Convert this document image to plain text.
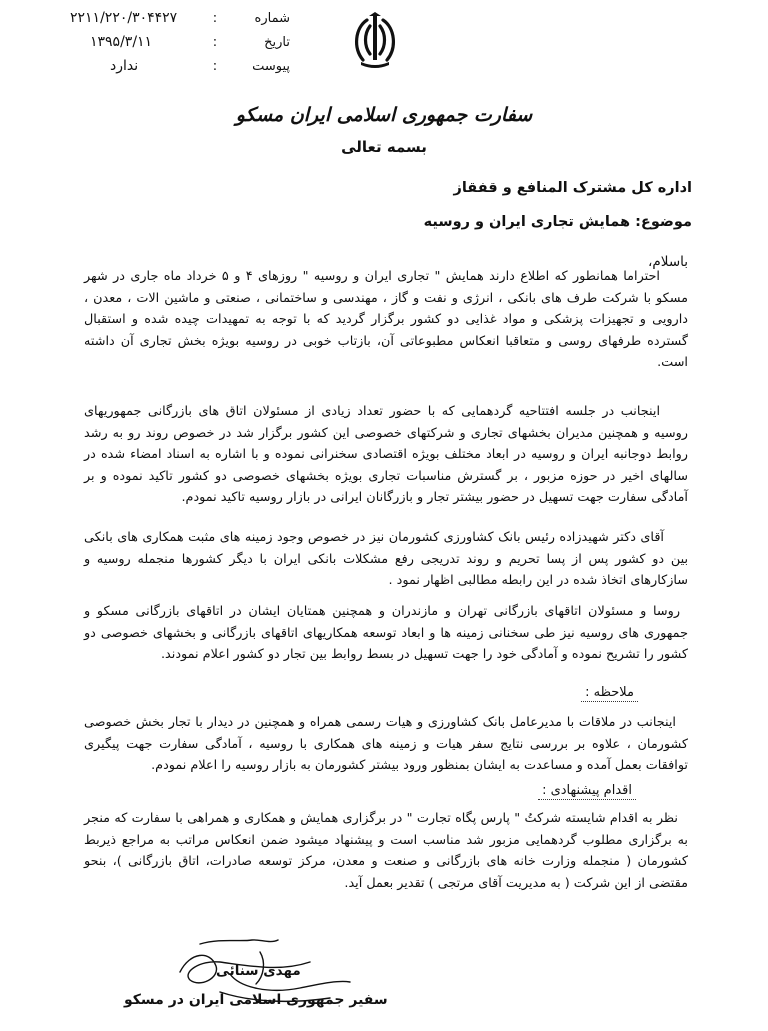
شماره
:
۲۲۱۱/۲۲۰/۳۰۴۴۲۷
تاریخ
:
۱۳۹۵/۳/۱۱
پیوست
:
ندارد
سفارت جمهوری اسلامی ایران مسکو
بسمه تعالی
اداره کل مشترک المنافع و قفقاز
موضوع: همایش تجاری ایران و روسیه
باسلام،

احتراما همانطور که اطلاع دارند همایش " تجاری ایران و روسیه " روزهای ۴ و ۵ خرداد ماه جاری در شهر مسکو با شرکت طرف های بانکی ، انرژی و نفت و گاز ، مهندسی و ساختمانی ، صنعتی و ماشین الات ، معدن ، دارویی و تجهیزات پزشکی و مواد غذایی دو کشور برگزار گردید که با توجه به تمهیدات چیده شده و استقبال گسترده طرفهای روسی و متعاقبا انعکاس مطبوعاتی آن، بازتاب خوبی در روسیه بویژه بخش تجاری آن داشته است.

اینجانب در جلسه افتتاحیه گردهمایی که با حضور تعداد زیادی از مسئولان اتاق های بازرگانی جمهوریهای روسیه و همچنین مدیران بخشهای تجاری و شرکتهای خصوصی این کشور برگزار شد در خصوص روند رو به رشد روابط دوجانبه ایران و روسیه در ابعاد مختلف بویژه اقتصادی سخنرانی نموده و با اشاره به اسناد امضاء شده در سالهای اخیر در حوزه مزبور ، بر گسترش مناسبات تجاری بویژه بخشهای خصوصی دو کشور تاکید نموده و بر آمادگی سفارت جهت تسهیل در حضور بیشتر تجار و بازرگانان ایرانی در بازار روسیه تاکید نمودم.

آقای دکتر شهیدزاده رئیس بانک کشاورزی کشورمان نیز در خصوص وجود زمینه های مثبت همکاری های بانکی بین دو کشور پس از پسا تحریم و روند تدریجی رفع مشکلات بانکی ایران با دیگر کشورها منجمله روسیه و سازکارهای اتخاذ شده در این رابطه مطالبی اظهار نمود .

روسا و مسئولان اتاقهای بازرگانی تهران و مازندران و همچنین همتایان ایشان در اتاقهای بازرگانی مسکو و جمهوری های روسیه نیز طی سخنانی زمینه ها و ابعاد توسعه همکاریهای اتاقهای بازرگانی و بخشهای خصوصی دو کشور را تشریح نموده و آمادگی خود را جهت تسهیل در بسط روابط بین تجار دو کشور اعلام نمودند.

ملاحظه :

اینجانب در ملاقات با مدیرعامل بانک کشاورزی و هیات رسمی همراه و همچنین در دیدار با تجار بخش خصوصی کشورمان ، علاوه بر بررسی نتایج سفر هیات و زمینه های همکاری با روسیه ، آمادگی سفارت جهت پیگیری توافقات بعمل آمده و مساعدت به ایشان بمنظور ورود بیشتر کشورمان به بازار روسیه را اعلام نمودم.

اقدام پیشنهادی :

نظر به اقدام شایسته شرکتُ " پارس پگاه تجارت " در برگزاری همایش و همکاری و همراهی با سفارت که منجر به برگزاری مطلوب گردهمایی مزبور شد مناسب است و پیشنهاد میشود ضمن انعکاس مراتب به مراجع ذیربط کشورمان ( منجمله وزارت خانه های بازرگانی و صنعت و معدن، مرکز توسعه صادرات، اتاق بازرگانی )، بنحو مقتضی از این شرکت ( به مدیریت آقای مرتجی ) تقدیر بعمل آید.

مهدی سنائی
سفیر جمهوری اسلامی ایران در مسکو
